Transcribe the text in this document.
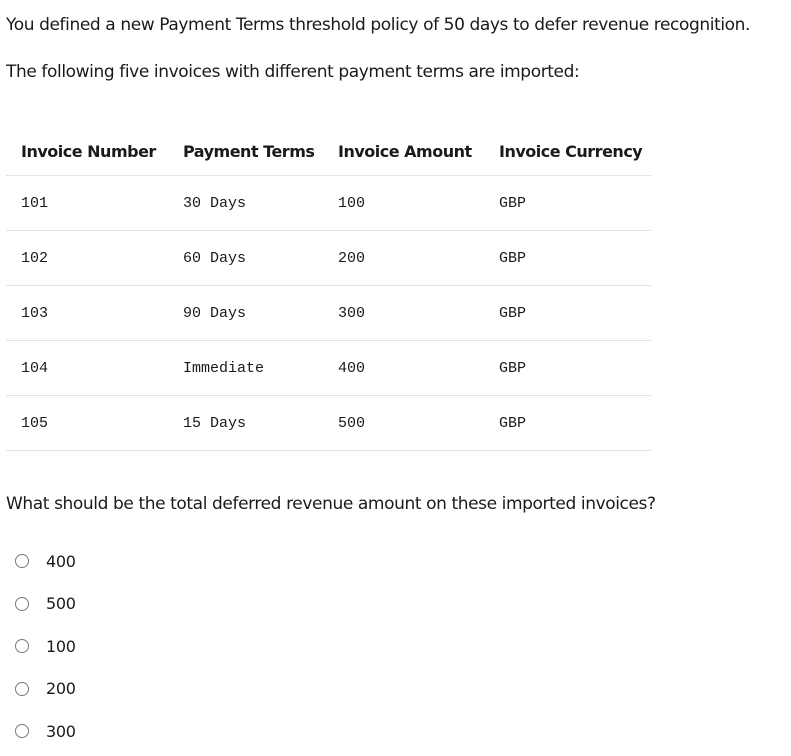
You defined a new Payment Terms threshold policy of 50 days to defer revenue recognition.

The following five invoices with different payment terms are imported:

Invoice Number	Payment Terms	Invoice Amount	Invoice Currency
101	30 Days	100	GBP
102	60 Days	200	GBP
103	90 Days	300	GBP
104	Immediate	400	GBP
105	15 Days	500	GBP

What should be the total deferred revenue amount on these imported invoices?

400
500
100
200
300
